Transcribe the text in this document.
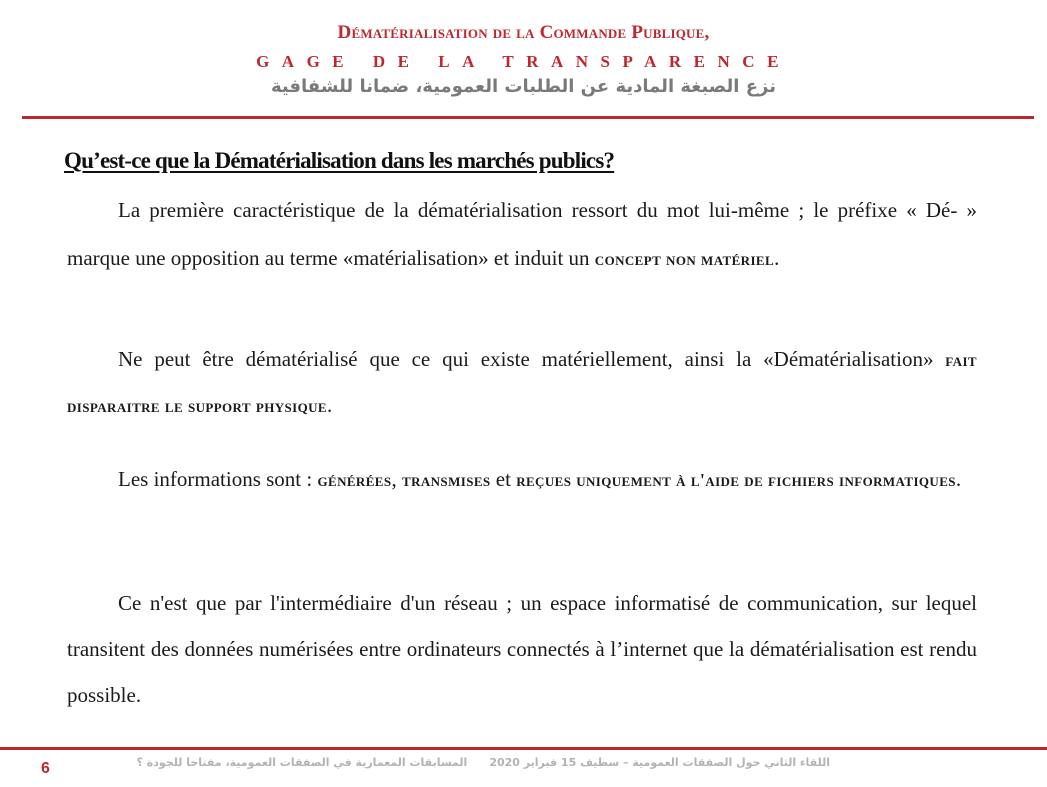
Dématérialisation de la Commande Publique,
GAGE DE LA TRANSPARENCE
نزع الصبغة المادية عن الطلبات العمومية، ضمانا للشفافية
Qu’est-ce que la Dématérialisation dans les marchés publics?

La première caractéristique de la dématérialisation ressort du mot lui-même ; le préfixe « Dé- » marque une opposition au terme «matérialisation» et induit un concept non matériel.

Ne peut être dématérialisé que ce qui existe matériellement, ainsi la «Dématérialisation» fait disparaitre le support physique.

Les informations sont : générées, transmises et reçues uniquement à l'aide de fichiers informatiques.

Ce n'est que par l'intermédiaire d'un réseau ; un espace informatisé de communication, sur lequel transitent des données numérisées entre ordinateurs connectés à l’internet que la dématérialisation est rendu possible.

6	اللقاء الثاني حول الصفقات العمومية – سطيف 15 فبراير 2020المسابقات المعمارية في الصفقات العمومية، مفتاحا للجودة ؟
